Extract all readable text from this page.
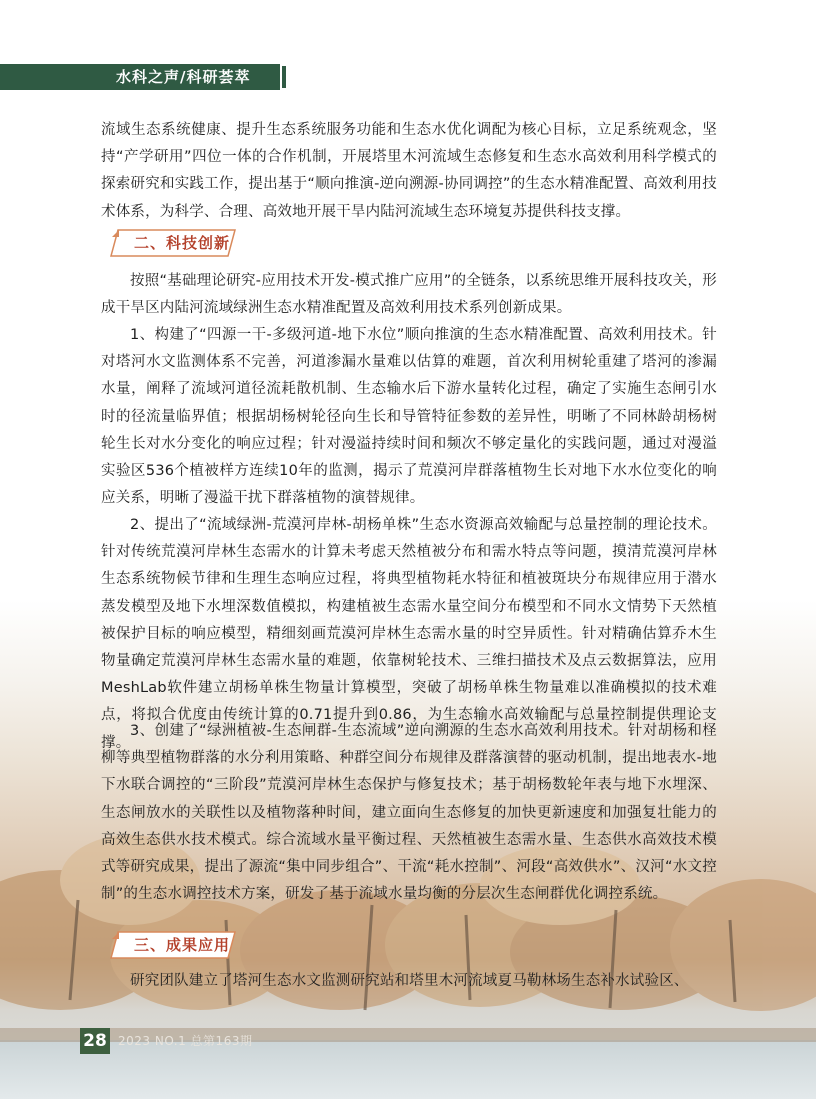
水科之声/科研荟萃

流域生态系统健康、提升生态系统服务功能和生态水优化调配为核心目标，立足系统观念，坚持“产学研用”四位一体的合作机制，开展塔里木河流域生态修复和生态水高效利用科学模式的探索研究和实践工作，提出基于“顺向推演-逆向溯源-协同调控”的生态水精准配置、高效利用技术体系，为科学、合理、高效地开展干旱内陆河流域生态环境复苏提供科技支撑。

二、科技创新

按照“基础理论研究-应用技术开发-模式推广应用”的全链条，以系统思维开展科技攻关，形成干旱区内陆河流域绿洲生态水精准配置及高效利用技术系列创新成果。

1、构建了“四源一干-多级河道-地下水位”顺向推演的生态水精准配置、高效利用技术。针对塔河水文监测体系不完善，河道渗漏水量难以估算的难题，首次利用树轮重建了塔河的渗漏水量，阐释了流域河道径流耗散机制、生态输水后下游水量转化过程，确定了实施生态闸引水时的径流量临界值；根据胡杨树轮径向生长和导管特征参数的差异性，明晰了不同林龄胡杨树轮生长对水分变化的响应过程；针对漫溢持续时间和频次不够定量化的实践问题，通过对漫溢实验区536个植被样方连续10年的监测，揭示了荒漠河岸群落植物生长对地下水水位变化的响应关系，明晰了漫溢干扰下群落植物的演替规律。

2、提出了“流域绿洲-荒漠河岸林-胡杨单株”生态水资源高效输配与总量控制的理论技术。针对传统荒漠河岸林生态需水的计算未考虑天然植被分布和需水特点等问题，摸清荒漠河岸林生态系统物候节律和生理生态响应过程，将典型植物耗水特征和植被斑块分布规律应用于潜水蒸发模型及地下水埋深数值模拟，构建植被生态需水量空间分布模型和不同水文情势下天然植被保护目标的响应模型，精细刻画荒漠河岸林生态需水量的时空异质性。针对精确估算乔木生物量确定荒漠河岸林生态需水量的难题，依靠树轮技术、三维扫描技术及点云数据算法，应用MeshLab软件建立胡杨单株生物量计算模型，突破了胡杨单株生物量难以准确模拟的技术难点，将拟合优度由传统计算的0.71提升到0.86，为生态输水高效输配与总量控制提供理论支撑。

3、创建了“绿洲植被-生态闸群-生态流域”逆向溯源的生态水高效利用技术。针对胡杨和柽柳等典型植物群落的水分利用策略、种群空间分布规律及群落演替的驱动机制，提出地表水-地下水联合调控的“三阶段”荒漠河岸林生态保护与修复技术；基于胡杨数轮年表与地下水埋深、生态闸放水的关联性以及植物落种时间，建立面向生态修复的加快更新速度和加强复壮能力的高效生态供水技术模式。综合流域水量平衡过程、天然植被生态需水量、生态供水高效技术模式等研究成果，提出了源流“集中同步组合”、干流“耗水控制”、河段“高效供水”、汉河“水文控制”的生态水调控技术方案，研发了基于流域水量均衡的分层次生态闸群优化调控系统。

三、成果应用

研究团队建立了塔河生态水文监测研究站和塔里木河流域夏马勒林场生态补水试验区、

28 2023 NO.1 总第163期
